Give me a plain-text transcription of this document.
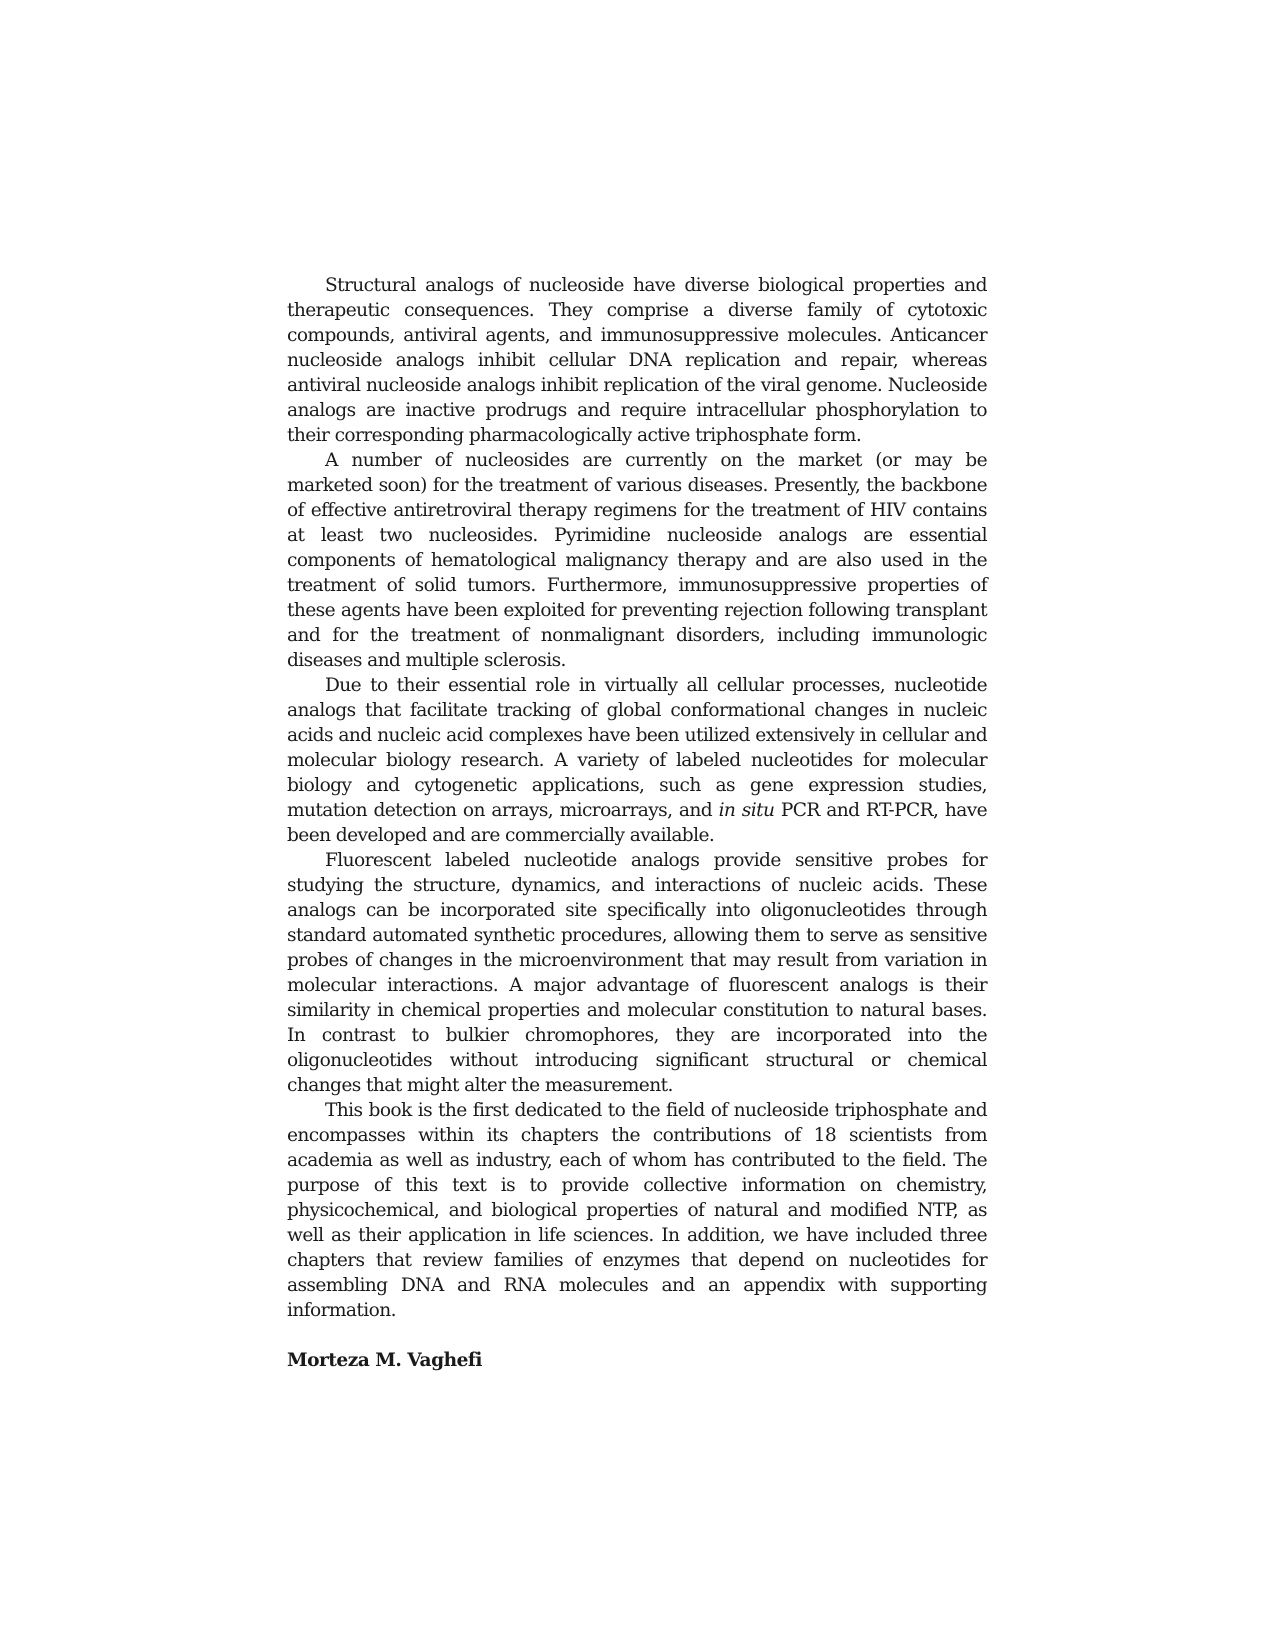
Structural analogs of nucleoside have diverse biological properties and therapeutic consequences. They comprise a diverse family of cytotoxic compounds, antiviral agents, and immunosuppressive molecules. Anticancer nucleoside analogs inhibit cellular DNA replication and repair, whereas antiviral nucleoside analogs inhibit replication of the viral genome. Nucleoside analogs are inactive prodrugs and require intracellular phosphorylation to their corresponding pharmacologically active triphosphate form.

A number of nucleosides are currently on the market (or may be marketed soon) for the treatment of various diseases. Presently, the backbone of effective antiretroviral therapy regimens for the treatment of HIV contains at least two nucleosides. Pyrimidine nucleoside analogs are essential components of hematological malignancy therapy and are also used in the treatment of solid tumors. Furthermore, immunosuppressive properties of these agents have been exploited for preventing rejection following transplant and for the treatment of nonmalignant disorders, including immunologic diseases and multiple sclerosis.

Due to their essential role in virtually all cellular processes, nucleotide analogs that facilitate tracking of global conformational changes in nucleic acids and nucleic acid complexes have been utilized extensively in cellular and molecular biology research. A variety of labeled nucleotides for molecular biology and cytogenetic applications, such as gene expression studies, mutation detection on arrays, microarrays, and in situ PCR and RT-PCR, have been developed and are commercially available.

Fluorescent labeled nucleotide analogs provide sensitive probes for studying the structure, dynamics, and interactions of nucleic acids. These analogs can be incorporated site specifically into oligonucleotides through standard automated synthetic procedures, allowing them to serve as sensitive probes of changes in the microenvironment that may result from variation in molecular interactions. A major advantage of fluorescent analogs is their similarity in chemical properties and molecular constitution to natural bases. In contrast to bulkier chromophores, they are incorporated into the oligonucleotides without introducing significant structural or chemical changes that might alter the measurement.

This book is the first dedicated to the field of nucleoside triphosphate and encompasses within its chapters the contributions of 18 scientists from academia as well as industry, each of whom has contributed to the field. The purpose of this text is to provide collective information on chemistry, physicochemical, and biological properties of natural and modified NTP, as well as their application in life sciences. In addition, we have included three chapters that review families of enzymes that depend on nucleotides for assembling DNA and RNA molecules and an appendix with supporting information.

Morteza M. Vaghefi
